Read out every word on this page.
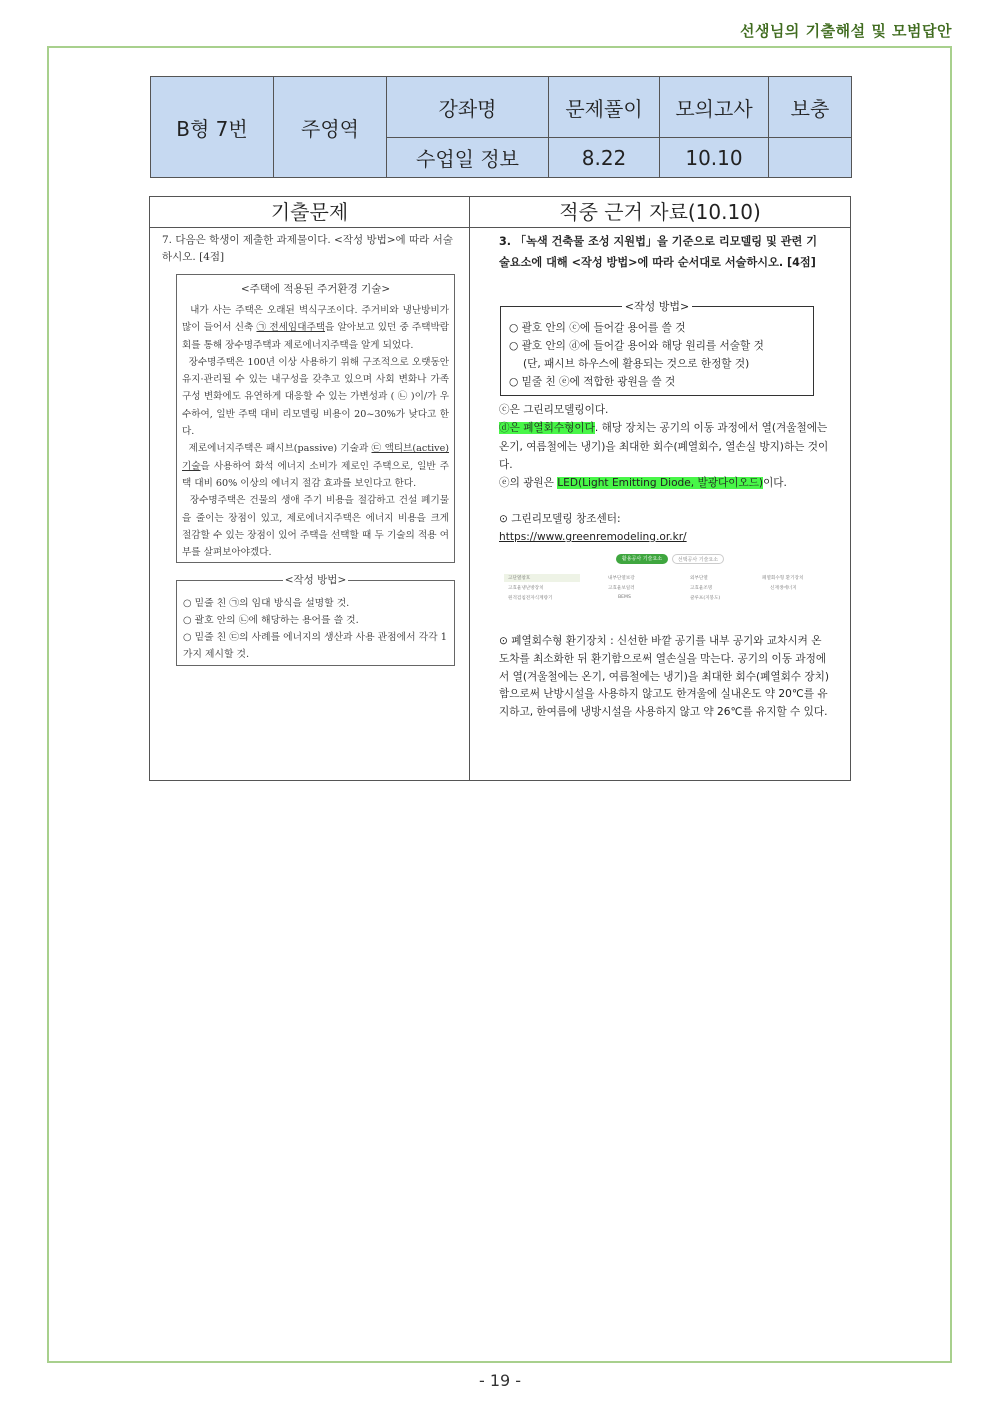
선생님의 기출해설 및 모범답안
B형 7번	주영역	강좌명	문제풀이	모의고사	보충
		수업일 정보	8.22	10.10	
기출문제	적중 근거 자료(10.10)
7. 다음은 학생이 제출한 과제물이다. <작성 방법>에 따라 서술하시오. [4점]
<주택에 적용된 주거환경 기술>
내가 사는 주택은 오래된 벽식구조이다. 주거비와 냉난방비가 많이 들어서 신축 ㉠ 전세임대주택을 알아보고 있던 중 주택박람회를 통해 장수명주택과 제로에너지주택을 알게 되었다.
장수명주택은 100년 이상 사용하기 위해 구조적으로 오랫동안 유지·관리될 수 있는 내구성을 갖추고 있으며 사회 변화나 가족구성 변화에도 유연하게 대응할 수 있는 가변성과 ( ㉡ )이/가 우수하여, 일반 주택 대비 리모델링 비용이 20~30%가 낮다고 한다.
제로에너지주택은 패시브(passive) 기술과 ㉢ 액티브(active) 기술을 사용하여 화석 에너지 소비가 제로인 주택으로, 일반 주택 대비 60% 이상의 에너지 절감 효과를 보인다고 한다.
장수명주택은 건물의 생애 주기 비용을 절감하고 건설 폐기물을 줄이는 장점이 있고, 제로에너지주택은 에너지 비용을 크게 절감할 수 있는 장점이 있어 주택을 선택할 때 두 기술의 적용 여부를 살펴보아야겠다.
<작성 방법>
○ 밑줄 친 ㉠의 임대 방식을 설명할 것.
○ 괄호 안의 ㉡에 해당하는 용어를 쓸 것.
○ 밑줄 친 ㉢의 사례를 에너지의 생산과 사용 관점에서 각각 1가지 제시할 것.
3. 「녹색 건축물 조성 지원법」을 기준으로 리모델링 및 관련 기술요소에 대해 <작성 방법>에 따라 순서대로 서술하시오. [4점]
<작성 방법>
○ 괄호 안의 ⓒ에 들어갈 용어를 쓸 것
○ 괄호 안의 ⓓ에 들어갈 용어와 해당 원리를 서술할 것
(단, 패시브 하우스에 활용되는 것으로 한정할 것)
○ 밑줄 친 ⓔ에 적합한 광원을 쓸 것
ⓒ은 그린리모델링이다.
ⓓ은 폐열회수형이다. 해당 장치는 공기의 이동 과정에서 열(겨울철에는 온기, 여름철에는 냉기)을 최대한 회수(폐열회수, 열손실 방지)하는 것이다.
ⓔ의 광원은 LED(Light Emitting Diode, 발광다이오드)이다.
⊙ 그린리모델링 창조센터:
https://www.greenremodeling.or.kr/
활용공사 기술요소	선택공사 기술요소
고단열창호	내부단열보강	외부단열	폐열회수형 환기장치
고효율냉난방장치	고효율보일러	고효율조명	신재생에너지
원격검침전자식계량기	BEMS	쿨루프(지붕도)
⊙ 폐열회수형 환기장치 : 신선한 바깥 공기를 내부 공기와 교차시켜 온도차를 최소화한 뒤 환기함으로써 열손실을 막는다. 공기의 이동 과정에서 열(겨울철에는 온기, 여름철에는 냉기)을 최대한 회수(폐열회수 장치)함으로써 난방시설을 사용하지 않고도 한겨울에 실내온도 약 20℃를 유지하고, 한여름에 냉방시설을 사용하지 않고 약 26℃를 유지할 수 있다.
- 19 -
